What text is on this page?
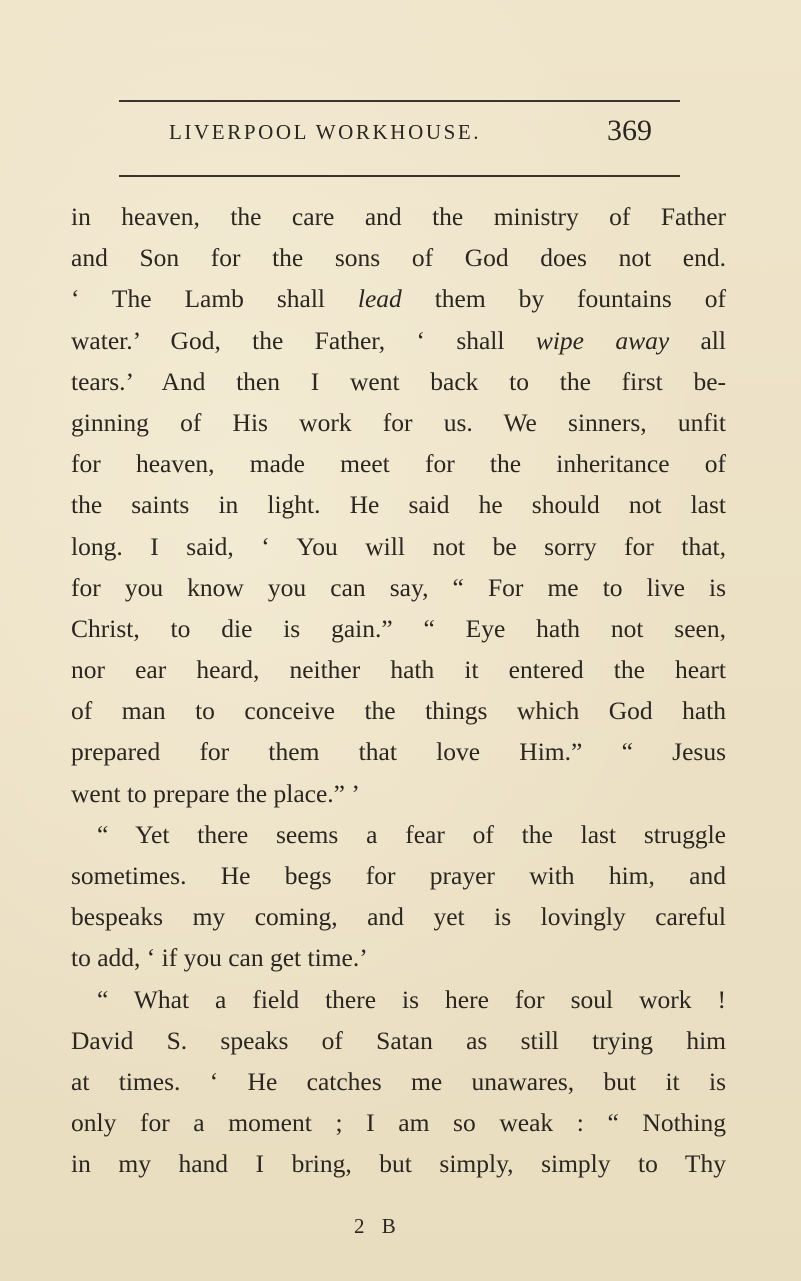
LIVERPOOL WORKHOUSE.	369
in heaven, the care and the ministry of Father
and Son for the sons of God does not end.
‘ The Lamb shall lead them by fountains of
water.’ God, the Father, ‘ shall wipe away all
tears.’ And then I went back to the first be-
ginning of His work for us. We sinners, unfit
for heaven, made meet for the inheritance of
the saints in light. He said he should not last
long. I said, ‘ You will not be sorry for that,
for you know you can say, “ For me to live is
Christ, to die is gain.” “ Eye hath not seen,
nor ear heard, neither hath it entered the heart
of man to conceive the things which God hath
prepared for them that love Him.” “ Jesus
went to prepare the place.” ’
“ Yet there seems a fear of the last struggle
sometimes. He begs for prayer with him, and
bespeaks my coming, and yet is lovingly careful
to add, ‘ if you can get time.’
“ What a field there is here for soul work !
David S. speaks of Satan as still trying him
at times. ‘ He catches me unawares, but it is
only for a moment ; I am so weak : “ Nothing
in my hand I bring, but simply, simply to Thy
2 B
